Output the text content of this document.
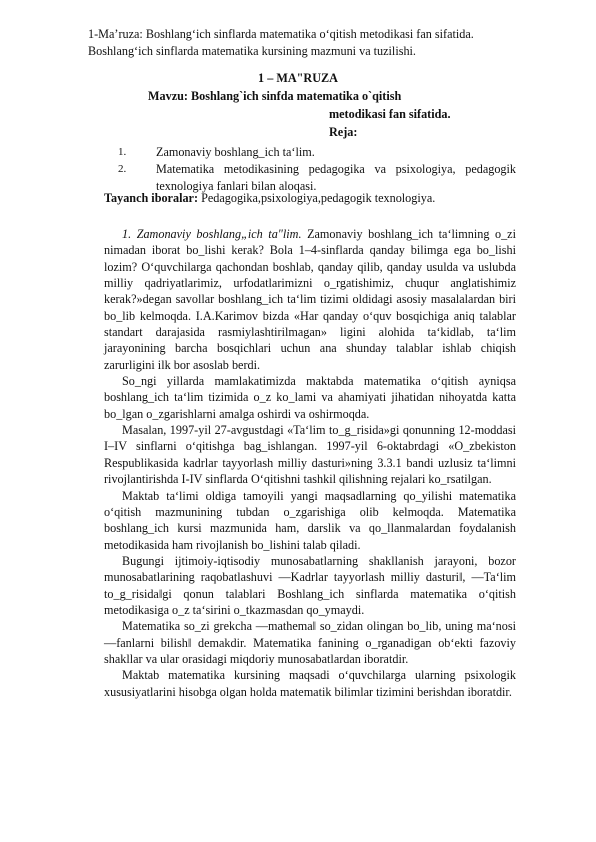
1-Ma’ruza: Boshlang‘ich sinflarda matematika o‘qitish metodikasi fan sifatida.
Boshlang‘ich sinflarda matematika kursining mazmuni va tuzilishi.
1 – MA"RUZA
Mavzu: Boshlang`ich sinfda matematika o`qitish
metodikasi fan sifatida.
Reja:
1. Zamonaviy boshlang_ich ta‘lim.
2. Matematika metodikasining pedagogika va psixologiya, pedagogik texnologiya fanlari bilan aloqasi.
Tayanch iboralar: Pedagogika,psixologiya,pedagogik texnologiya.

1. Zamonaviy boshlang„ich ta"lim. Zamonaviy boshlang_ich ta‘limning o_zi nimadan iborat bo_lishi kerak? Bola 1–4-sinflarda qanday bilimga ega bo_lishi lozim? O‘quvchilarga qachondan boshlab, qanday qilib, qanday usulda va uslubda milliy qadriyatlarimiz, urfodatlarimizni o_rgatishimiz, chuqur anglatishimiz kerak?»degan savollar boshlang_ich ta‘lim tizimi oldidagi asosiy masalalardan biri bo_lib kelmoqda. I.A.Karimov bizda «Har qanday o‘quv bosqichiga aniq talablar standart darajasida rasmiylashtirilmagan» ligini alohida ta‘kidlab, ta‘lim jarayonining barcha bosqichlari uchun ana shunday talablar ishlab chiqish zarurligini ilk bor asoslab berdi.

So_ngi yillarda mamlakatimizda maktabda matematika o‘qitish ayniqsa boshlang_ich ta‘lim tizimida o_z ko_lami va ahamiyati jihatidan nihoyatda katta bo_lgan o_zgarishlarni amalga oshirdi va oshirmoqda.

Masalan, 1997-yil 27-avgustdagi «Ta‘lim to_g_risida»gi qonunning 12-moddasi I–IV sinflarni o‘qitishga bag_ishlangan. 1997-yil 6-oktabrdagi «O_zbekiston Respublikasida kadrlar tayyorlash milliy dasturi»ning 3.3.1 bandi uzlusiz ta‘limni rivojlantirishda I-IV sinflarda O‘qitishni tashkil qilishning rejalari ko_rsatilgan.

Maktab ta‘limi oldiga tamoyili yangi maqsadlarning qo_yilishi matematika o‘qitish mazmunining tubdan o_zgarishiga olib kelmoqda. Matematika boshlang_ich kursi mazmunida ham, darslik va qo_llanmalardan foydalanish metodikasida ham rivojlanish bo_lishini talab qiladi.

Bugungi ijtimoiy-iqtisodiy munosabatlarning shakllanish jarayoni, bozor munosabatlarining raqobatlashuvi ―Kadrlar tayyorlash milliy dasturi‖, ―Ta‘lim to_g_risida‖gi qonun talablari Boshlang_ich sinflarda matematika o‘qitish metodikasiga o_z ta‘sirini o_tkazmasdan qo_ymaydi.

Matematika so_zi grekcha ―mathema‖ so_zidan olingan bo_lib, uning ma‘nosi ―fanlarni bilish‖ demakdir. Matematika fanining o_rganadigan ob‘ekti fazoviy shakllar va ular orasidagi miqdoriy munosabatlardan iboratdir.

Maktab matematika kursining maqsadi o‘quvchilarga ularning psixologik xususiyatlarini hisobga olgan holda matematik bilimlar tizimini berishdan iboratdir.
